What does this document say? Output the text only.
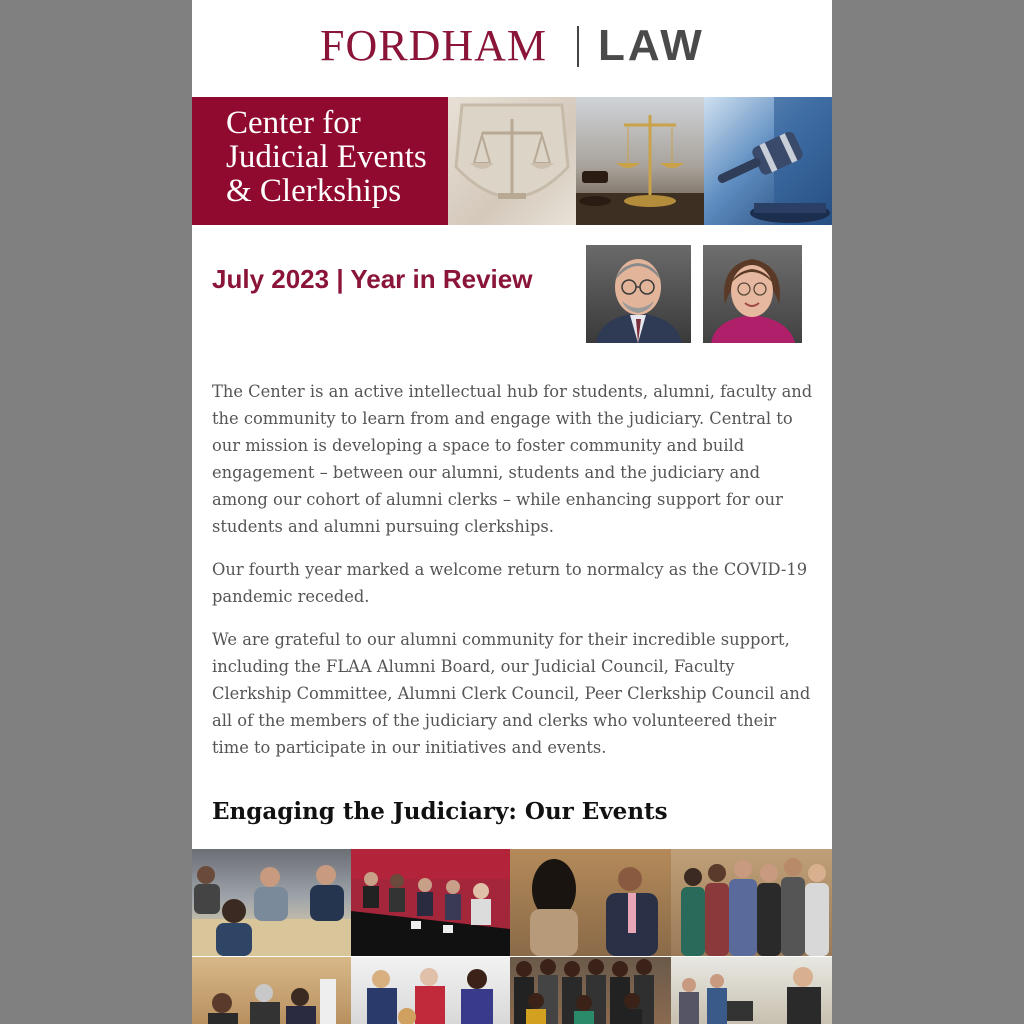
FORDHAM LAW
Center for
Judicial Events
& Clerkships
July 2023 | Year in Review

The Center is an active intellectual hub for students, alumni, faculty and the community to learn from and engage with the judiciary. Central to our mission is developing a space to foster community and build engagement – between our alumni, students and the judiciary and among our cohort of alumni clerks – while enhancing support for our students and alumni pursuing clerkships.

Our fourth year marked a welcome return to normalcy as the COVID-19 pandemic receded.

We are grateful to our alumni community for their incredible support, including the FLAA Alumni Board, our Judicial Council, Faculty Clerkship Committee, Alumni Clerk Council, Peer Clerkship Council and all of the members of the judiciary and clerks who volunteered their time to participate in our initiatives and events.

Engaging the Judiciary: Our Events
